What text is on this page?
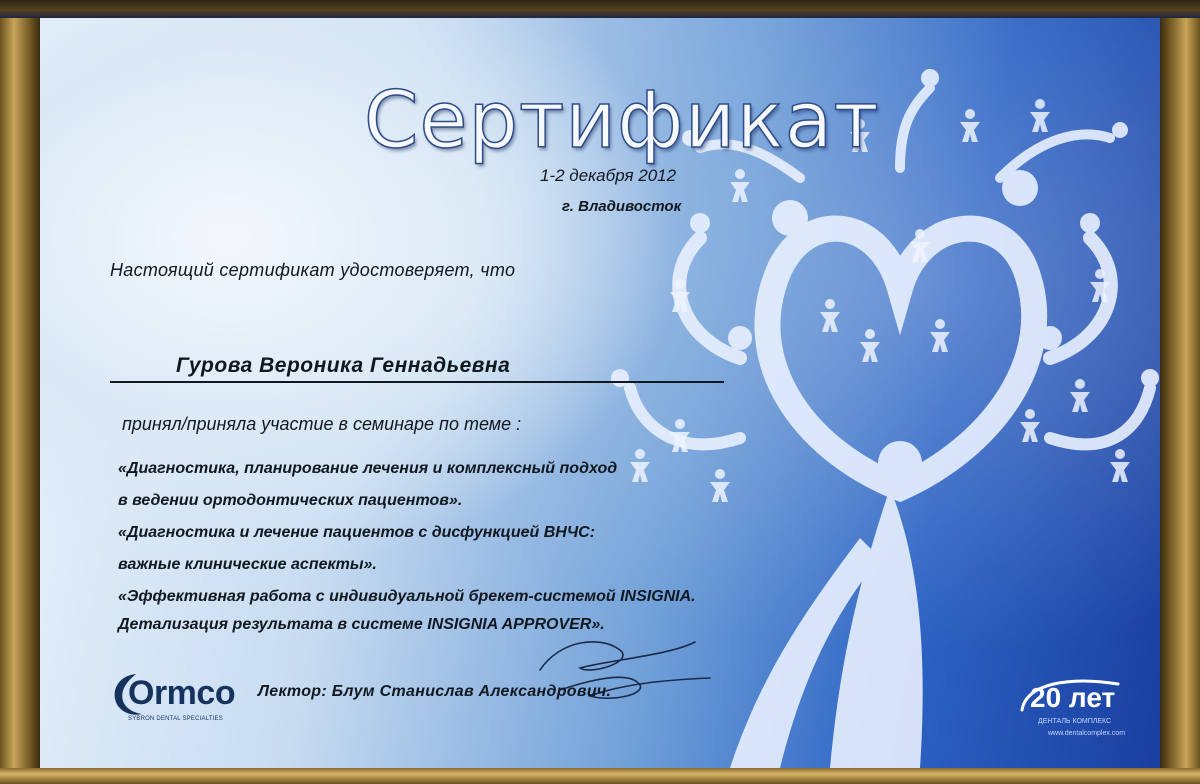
Сертификат
1-2 декабря 2012
г. Владивосток
Настоящий сертификат удостоверяет, что
Гурова Вероника Геннадьевна
принял/приняла участие в семинаре по теме :
«Диагностика, планирование лечения и комплексный подход
в ведении ортодонтических пациентов».
«Диагностика и лечение пациентов с дисфункцией ВНЧС:
важные клинические аспекты».
«Эффективная работа с индивидуальной брекет-системой INSIGNIA.
Детализация результата в системе INSIGNIA APPROVER».
Лектор: Блум Станислав Александрович.
Ormco
SYBRON DENTAL SPECIALTIES
20 лет
ДЕНТАЛЬ КОМПЛЕКС
www.dentalcomplex.com
